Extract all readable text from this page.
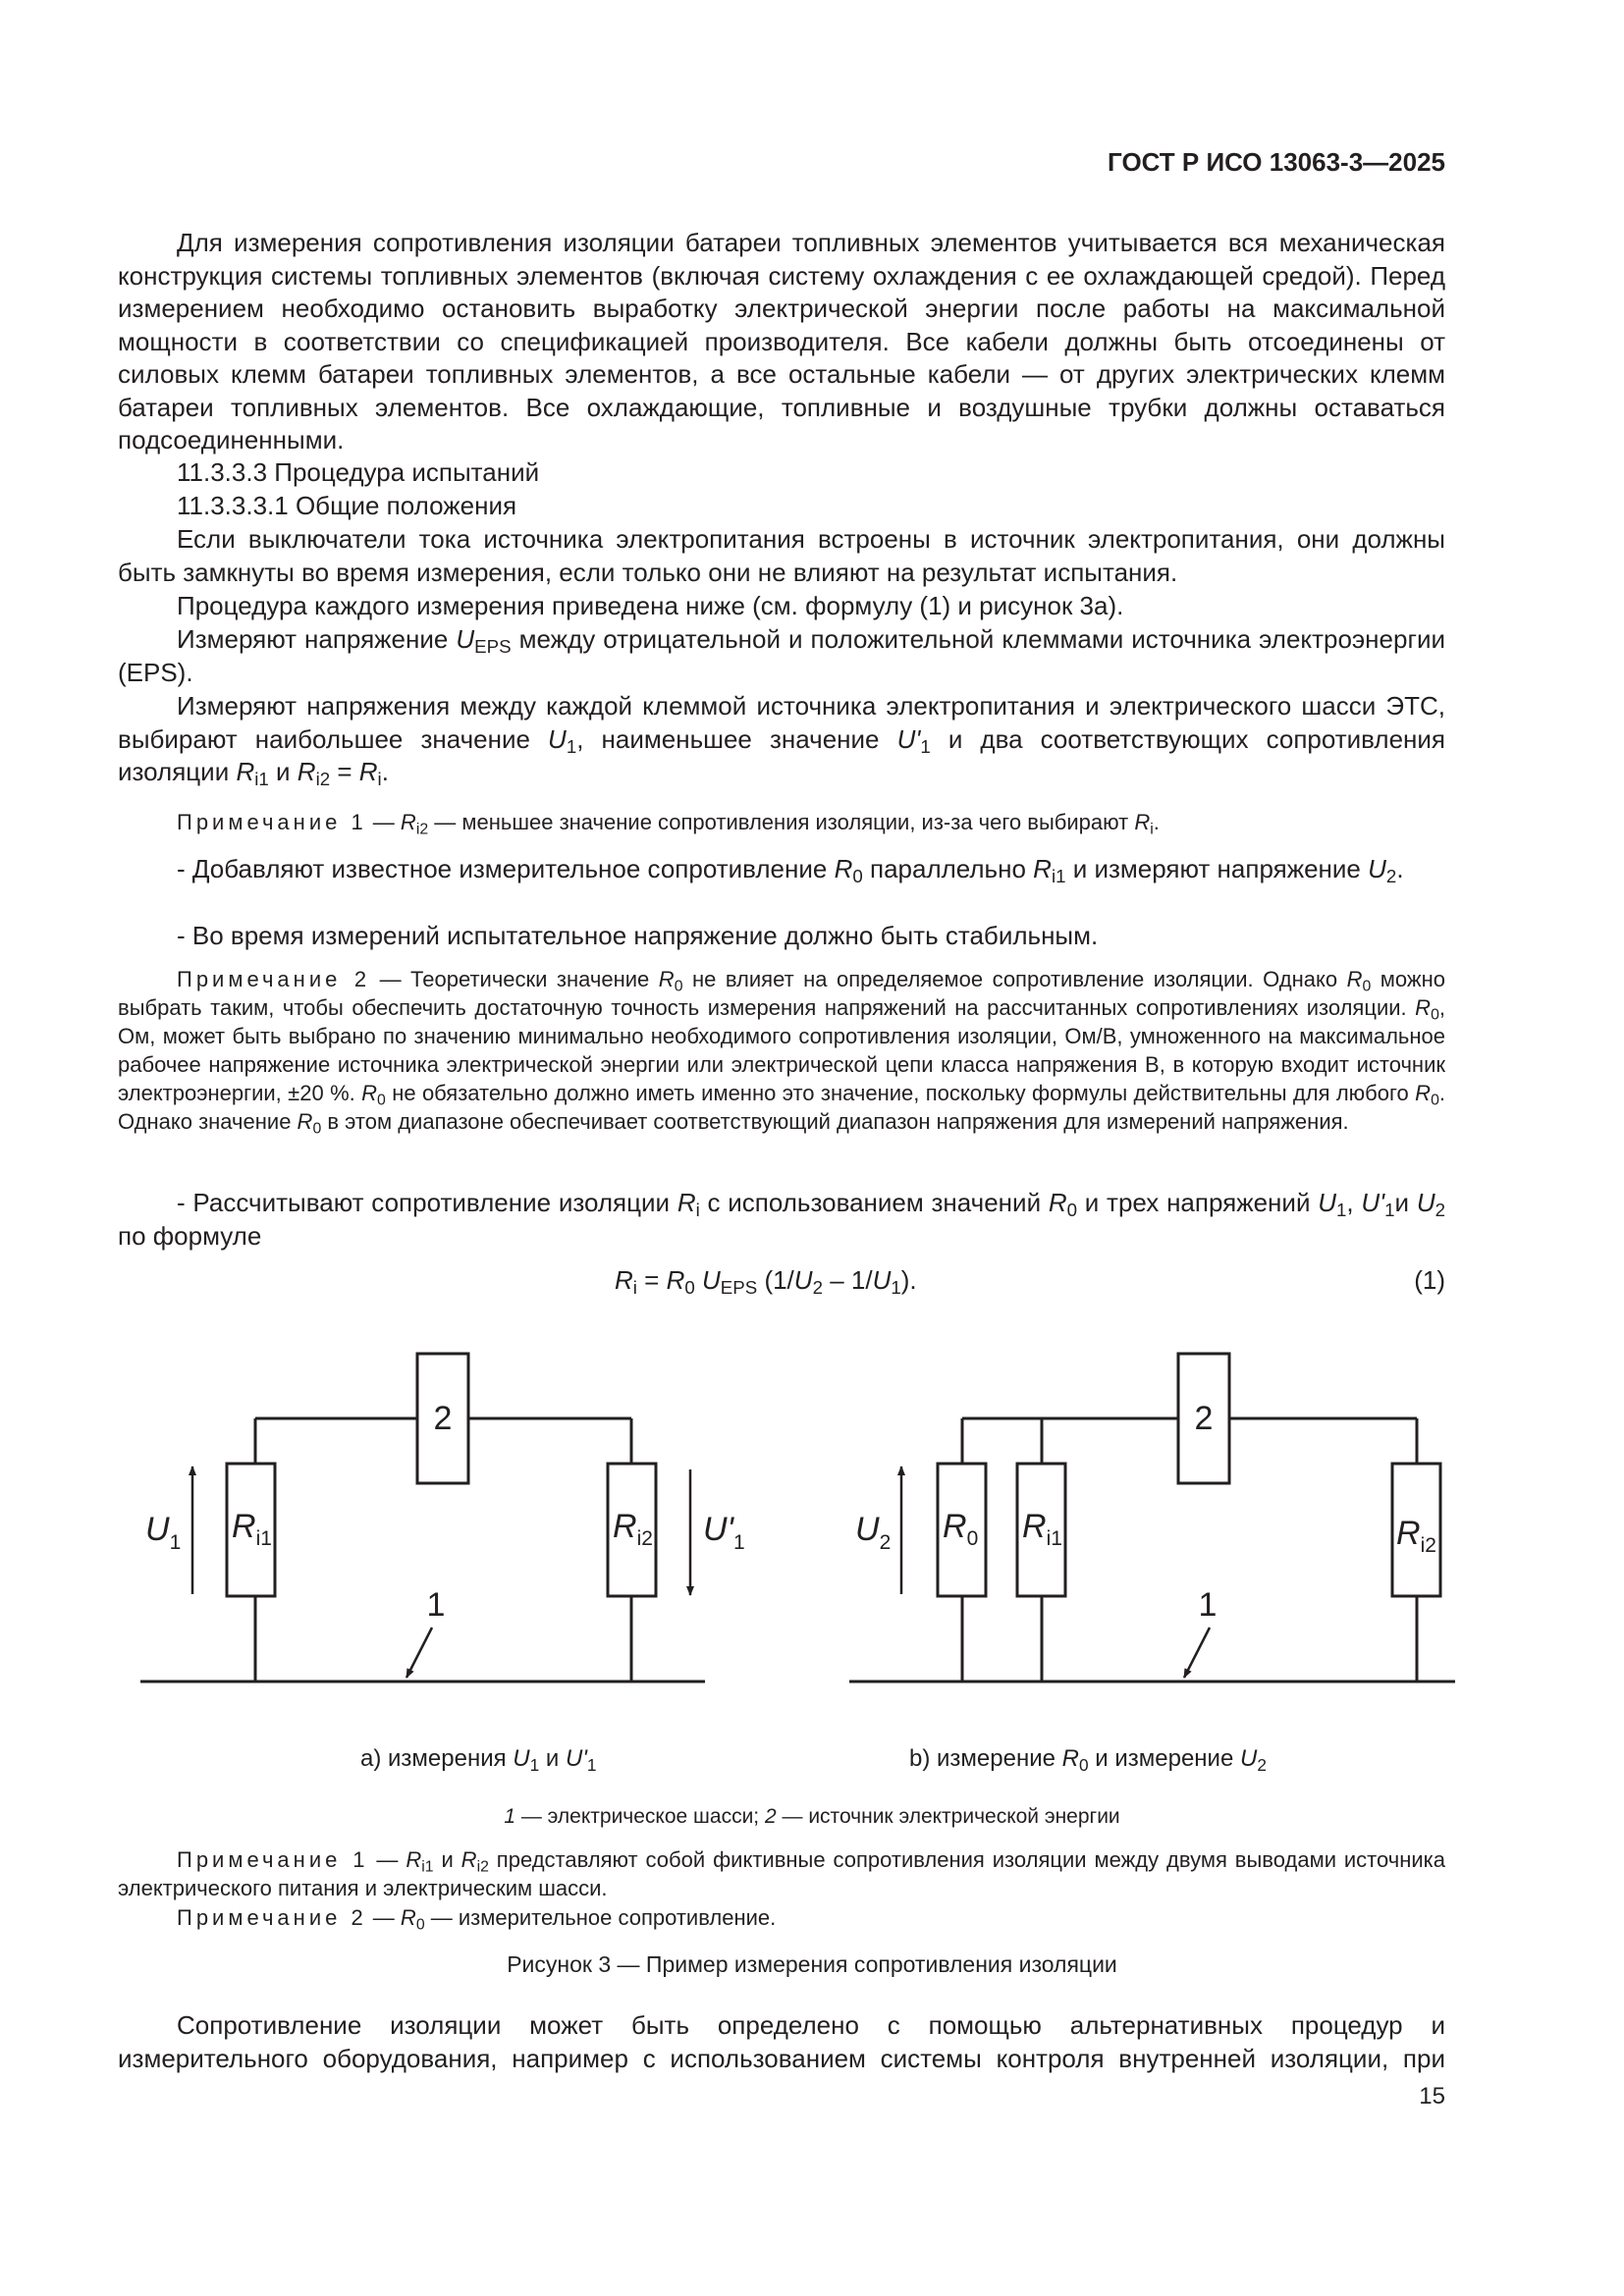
ГОСТ Р ИСО 13063-3—2025

Для измерения сопротивления изоляции батареи топливных элементов учитывается вся механическая конструкция системы топливных элементов (включая систему охлаждения с ее охлаждающей средой). Перед измерением необходимо остановить выработку электрической энергии после работы на максимальной мощности в соответствии со спецификацией производителя. Все кабели должны быть отсоединены от силовых клемм батареи топливных элементов, а все остальные кабели — от других электрических клемм батареи топливных элементов. Все охлаждающие, топливные и воздушные трубки должны оставаться подсоединенными.

11.3.3.3 Процедура испытаний

11.3.3.3.1 Общие положения

Если выключатели тока источника электропитания встроены в источник электропитания, они должны быть замкнуты во время измерения, если только они не влияют на результат испытания.

Процедура каждого измерения приведена ниже (см. формулу (1) и рисунок 3а).

Измеряют напряжение $U_{EPS}$ между отрицательной и положительной клеммами источника электроэнергии (EPS).

Измеряют напряжения между каждой клеммой источника электропитания и электрического шасси ЭТС, выбирают наибольшее значение $U_1$, наименьшее значение $U'_1$ и два соответствующих сопротивления изоляции $R_{i1}$ и $R_{i2} = R_i$.

Примечание 1 — $R_{i2}$ — меньшее значение сопротивления изоляции, из-за чего выбирают $R_i$.

- Добавляют известное измерительное сопротивление $R_0$ параллельно $R_{i1}$ и измеряют напряжение $U_2$.

- Во время измерений испытательное напряжение должно быть стабильным.

Примечание 2 — Теоретически значение $R_0$ не влияет на определяемое сопротивление изоляции. Однако $R_0$ можно выбрать таким, чтобы обеспечить достаточную точность измерения напряжений на рассчитанных сопротивлениях изоляции. $R_0$, Ом, может быть выбрано по значению минимально необходимого сопротивления изоляции, Ом/В, умноженного на максимальное рабочее напряжение источника электрической энергии или электрической цепи класса напряжения В, в которую входит источник электроэнергии, ±20 %. $R_0$ не обязательно должно иметь именно это значение, поскольку формулы действительны для любого $R_0$. Однако значение $R_0$ в этом диапазоне обеспечивает соответствующий диапазон напряжения для измерений напряжения.

- Рассчитывают сопротивление изоляции $R_i$ с использованием значений $R_0$ и трех напряжений $U_1$, $U'_1и$ $U_2$ по формуле

$R_i = R_0$ $U_{EPS}$ $(1/U_2 - 1/U_1)$.	(1)
2
1
$R_{i1}$	$R_{i2}$
$U_1$	$U'_1$
2
1
$R_0$ $R_{i1}$	$R_{i2}$
$U_2$
a) измерения $U_1$ и $U'_1$	b) измерение $R_0$ и измерение $U_2$
1 — электрическое шасси; 2 — источник электрической энергии

Примечание 1 — $R_{i1}$ и $R_{i2}$ представляют собой фиктивные сопротивления изоляции между двумя выводами источника электрического питания и электрическим шасси.

Примечание 2 — $R_0$ — измерительное сопротивление.

Рисунок 3 — Пример измерения сопротивления изоляции

Сопротивление изоляции может быть определено с помощью альтернативных процедур и измерительного оборудования, например с использованием системы контроля внутренней изоляции, при

15
